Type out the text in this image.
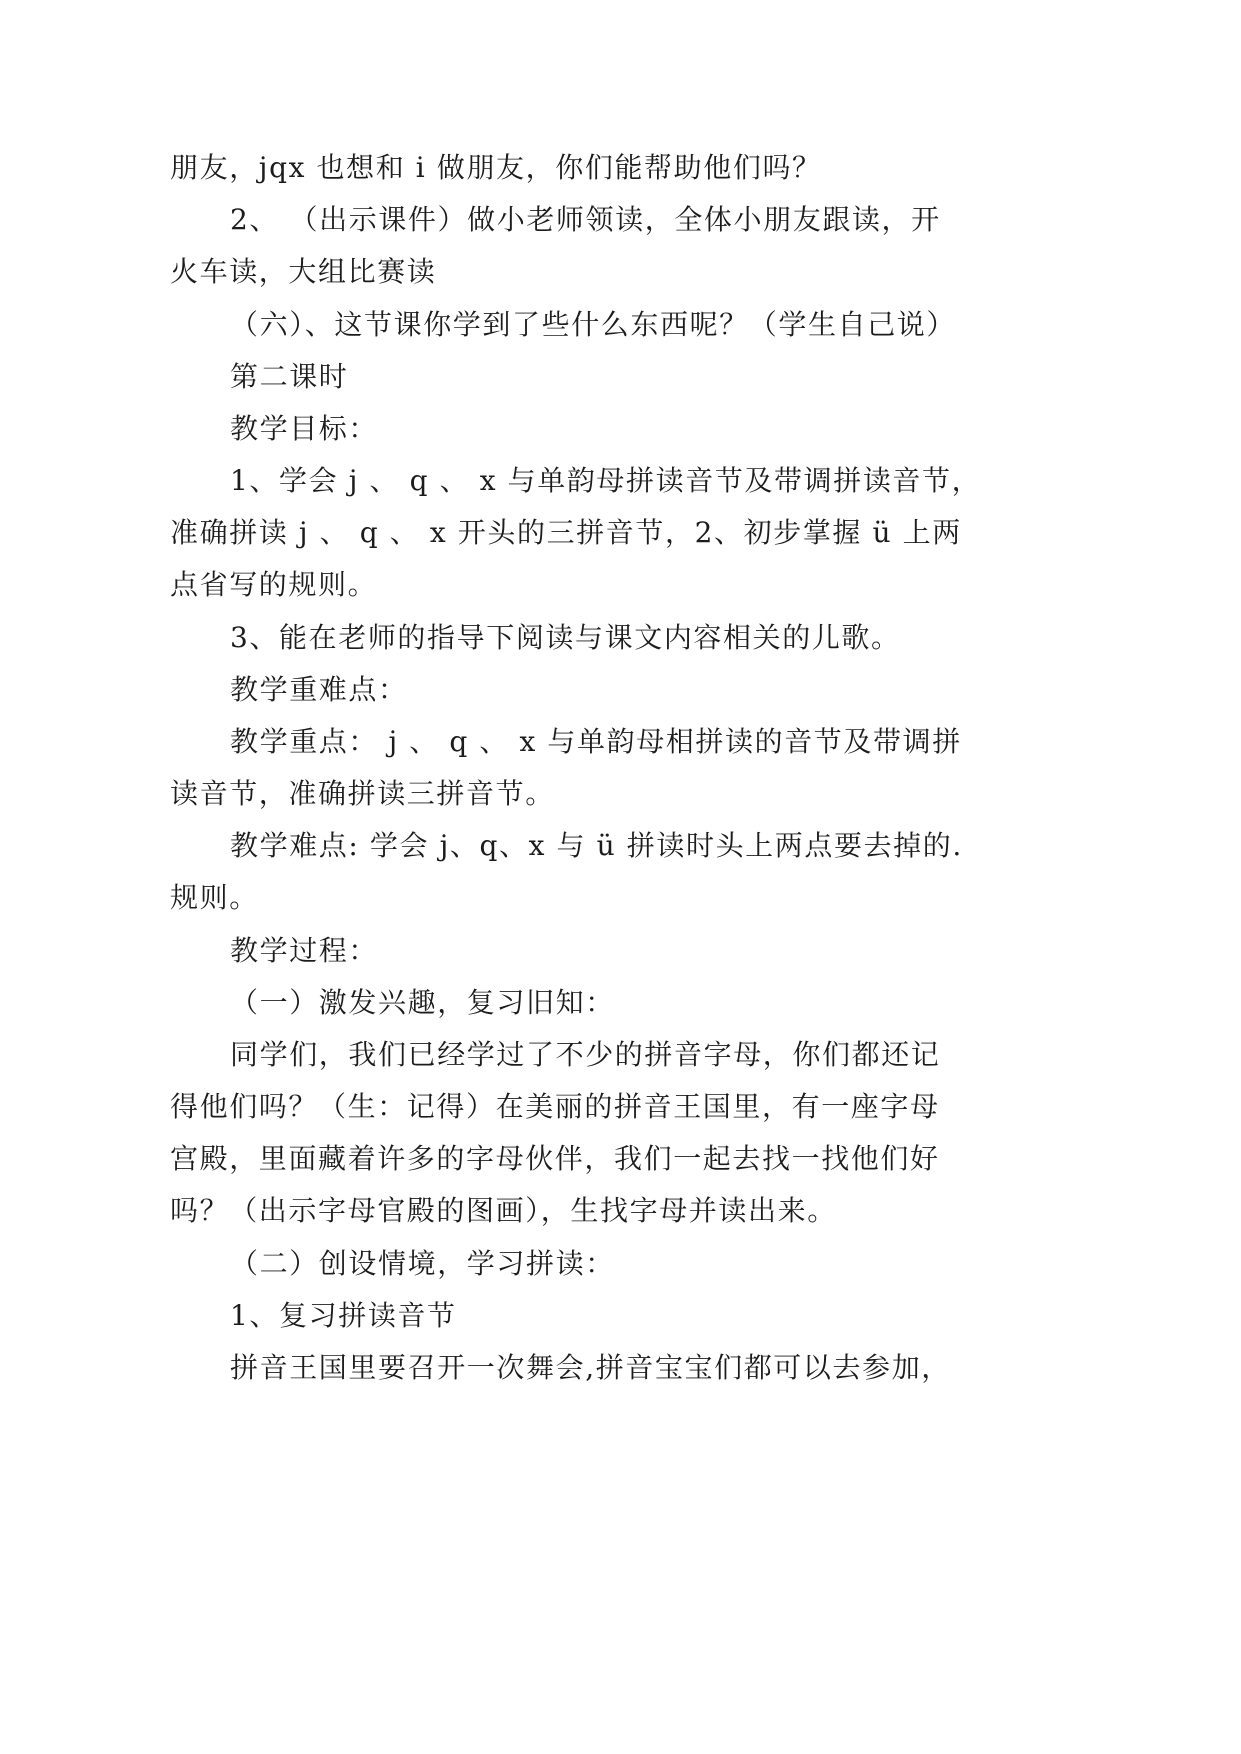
朋友，jqx 也想和 i 做朋友，你们能帮助他们吗？
2、 （出示课件）做小老师领读，全体小朋友跟读，开
火车读，大组比赛读
（六）、这节课你学到了些什么东西呢？（学生自己说）
第二课时
教学目标：
1、学会 j 、 q 、 x 与单韵母拼读音节及带调拼读音节，
准确拼读 j 、 q 、 x 开头的三拼音节，2、初步掌握 ü 上两
点省写的规则。
3、能在老师的指导下阅读与课文内容相关的儿歌。
教学重难点：
教学重点： j 、 q 、 x 与单韵母相拼读的音节及带调拼
读音节，准确拼读三拼音节。
教学难点: 学会 j、q、x 与 ü 拼读时头上两点要去掉的.
规则。
教学过程：
（一）激发兴趣，复习旧知：
同学们，我们已经学过了不少的拼音字母，你们都还记
得他们吗？（生：记得）在美丽的拼音王国里，有一座字母
宫殿，里面藏着许多的字母伙伴，我们一起去找一找他们好
吗？（出示字母官殿的图画），生找字母并读出来。
（二）创设情境，学习拼读：
1、复习拼读音节
拼音王国里要召开一次舞会,拼音宝宝们都可以去参加，
